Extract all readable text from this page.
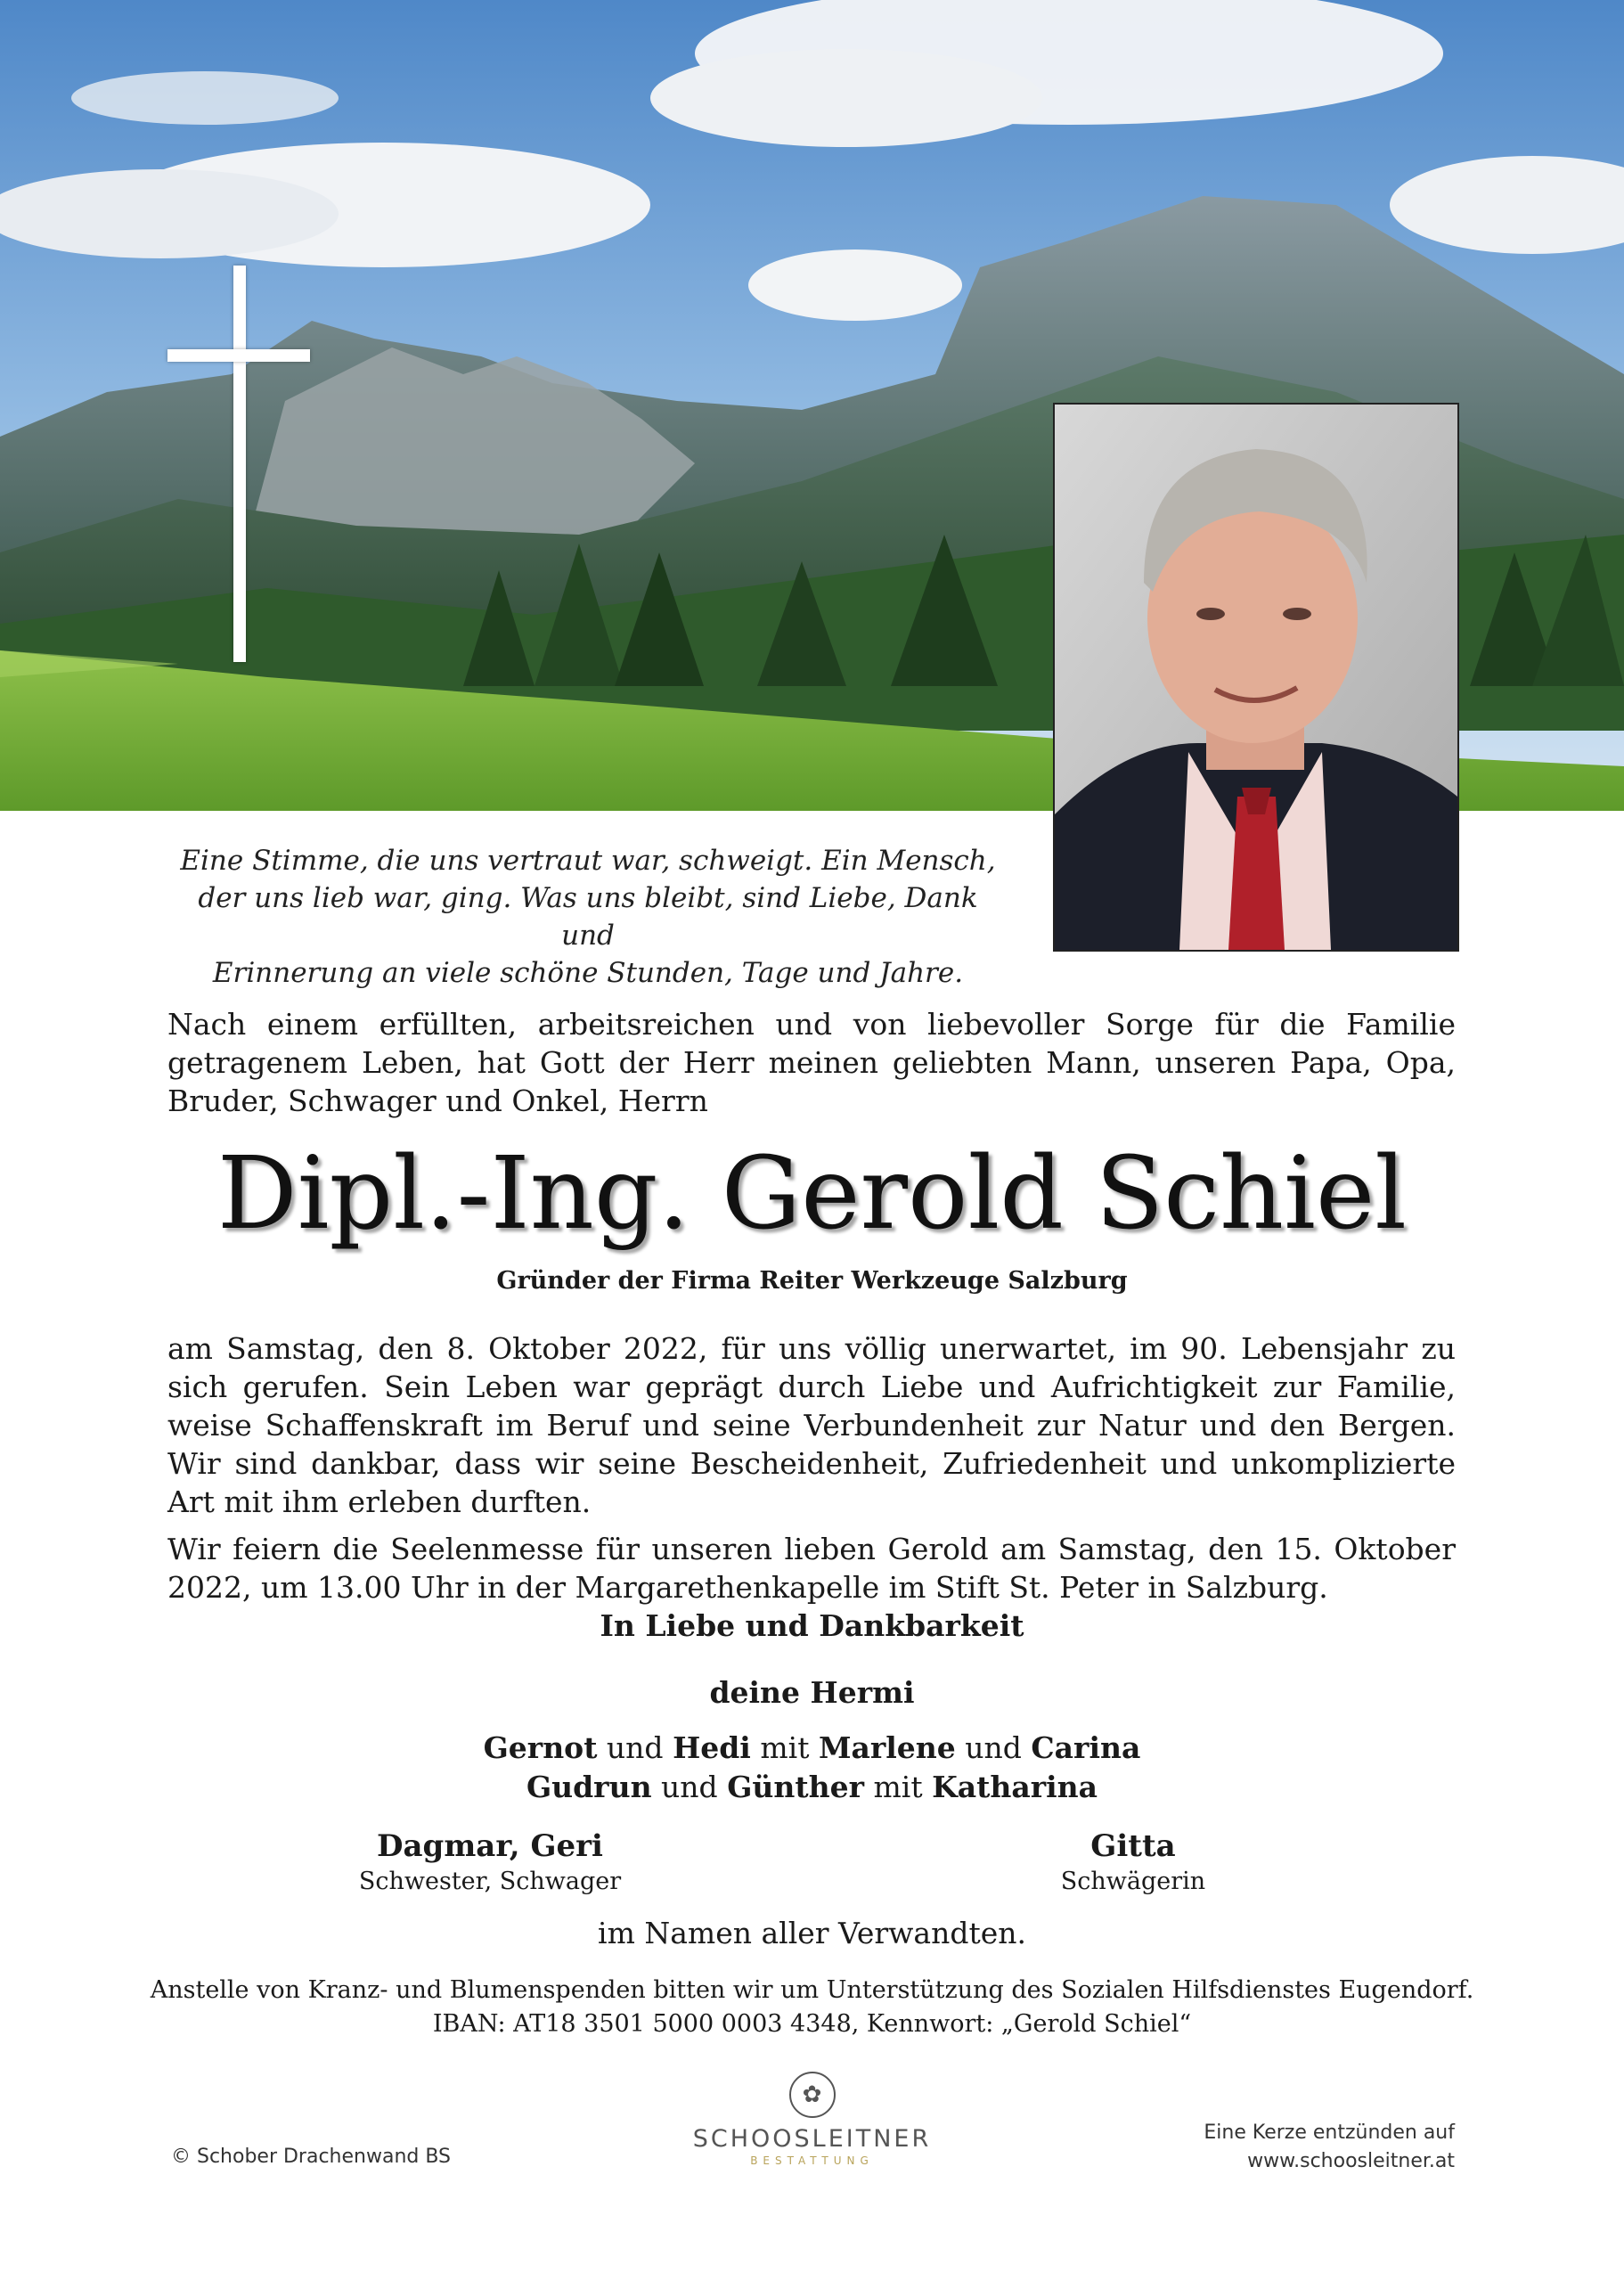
Eine Stimme, die uns vertraut war, schweigt. Ein Mensch,
der uns lieb war, ging. Was uns bleibt, sind Liebe, Dank und
Erinnerung an viele schöne Stunden, Tage und Jahre.
Nach einem erfüllten, arbeitsreichen und von liebevoller Sorge für die Familie getragenem Leben, hat Gott der Herr meinen geliebten Mann, unseren Papa, Opa, Bruder, Schwager und Onkel, Herrn
Dipl.-Ing. Gerold Schiel
Gründer der Firma Reiter Werkzeuge Salzburg

am Samstag, den 8. Oktober 2022, für uns völlig unerwartet, im 90. Lebensjahr zu sich gerufen. Sein Leben war geprägt durch Liebe und Aufrichtigkeit zur Familie, weise Schaffenskraft im Beruf und seine Verbundenheit zur Natur und den Bergen. Wir sind dankbar, dass wir seine Bescheidenheit, Zufriedenheit und unkomplizierte Art mit ihm erleben durften.

Wir feiern die Seelenmesse für unseren lieben Gerold am Samstag, den 15. Oktober 2022, um 13.00 Uhr in der Margarethenkapelle im Stift St. Peter in Salzburg.

In Liebe und Dankbarkeit
deine Hermi
Gernot und Hedi mit Marlene und Carina
Gudrun und Günther mit Katharina
Dagmar, Geri
Schwester, Schwager
Gitta
Schwägerin
im Namen aller Verwandten.
Anstelle von Kranz- und Blumenspenden bitten wir um Unterstützung des Sozialen Hilfsdienstes Eugendorf.
IBAN: AT18 3501 5000 0003 4348, Kennwort: „Gerold Schiel“
© Schober Drachenwand BS
✿
SCHOOSLEITNER
BESTATTUNG
Eine Kerze entzünden auf
www.schoosleitner.at
